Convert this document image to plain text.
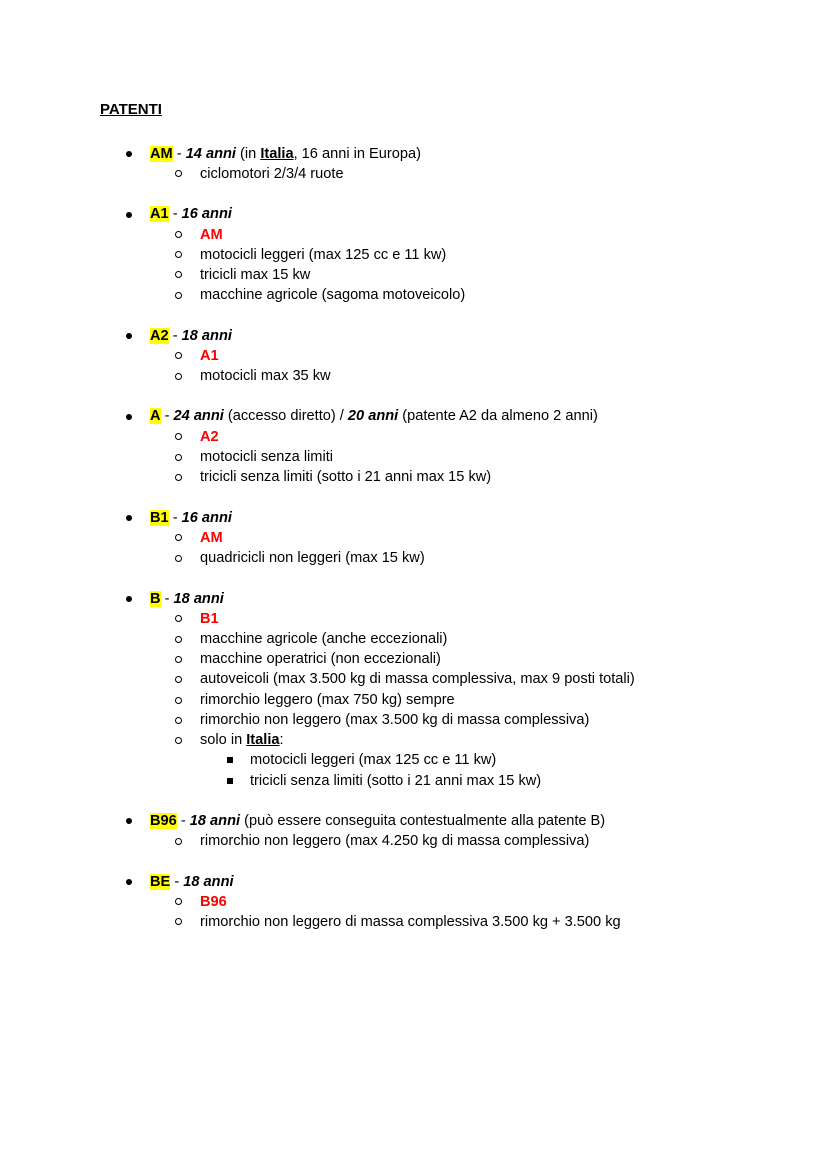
PATENTI
AM - 14 anni (in Italia, 16 anni in Europa)
ciclomotori 2/3/4 ruote
A1 - 16 anni
AM
motocicli leggeri (max 125 cc e 11 kw)
tricicli max 15 kw
macchine agricole (sagoma motoveicolo)
A2 - 18 anni
A1
motocicli max 35 kw
A - 24 anni (accesso diretto) / 20 anni (patente A2 da almeno 2 anni)
A2
motocicli senza limiti
tricicli senza limiti (sotto i 21 anni max 15 kw)
B1 - 16 anni
AM
quadricicli non leggeri (max 15 kw)
B - 18 anni
B1
macchine agricole (anche eccezionali)
macchine operatrici (non eccezionali)
autoveicoli (max 3.500 kg di massa complessiva, max 9 posti totali)
rimorchio leggero (max 750 kg) sempre
rimorchio non leggero (max 3.500 kg di massa complessiva)
solo in Italia:
motocicli leggeri (max 125 cc e 11 kw)
tricicli senza limiti (sotto i 21 anni max 15 kw)
B96 - 18 anni (può essere conseguita contestualmente alla patente B)
rimorchio non leggero (max 4.250 kg di massa complessiva)
BE - 18 anni
B96
rimorchio non leggero di massa complessiva 3.500 kg + 3.500 kg
